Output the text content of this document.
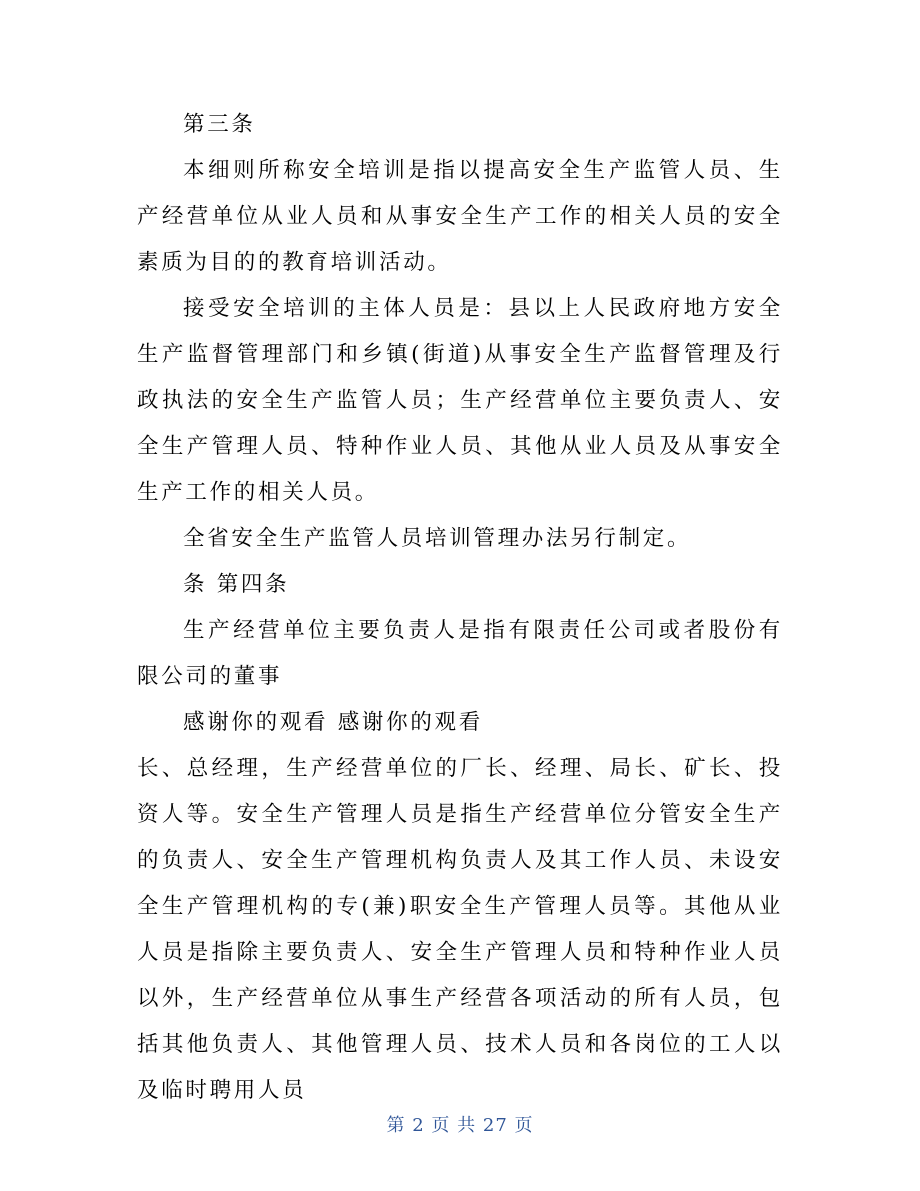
第三条

本细则所称安全培训是指以提高安全生产监管人员、生产经营单位从业人员和从事安全生产工作的相关人员的安全素质为目的的教育培训活动。

接受安全培训的主体人员是：县以上人民政府地方安全生产监督管理部门和乡镇(街道)从事安全生产监督管理及行政执法的安全生产监管人员；生产经营单位主要负责人、安全生产管理人员、特种作业人员、其他从业人员及从事安全生产工作的相关人员。

全省安全生产监管人员培训管理办法另行制定。

条 第四条

生产经营单位主要负责人是指有限责任公司或者股份有限公司的董事

感谢你的观看 感谢你的观看

长、总经理，生产经营单位的厂长、经理、局长、矿长、投资人等。安全生产管理人员是指生产经营单位分管安全生产的负责人、安全生产管理机构负责人及其工作人员、未设安全生产管理机构的专(兼)职安全生产管理人员等。其他从业人员是指除主要负责人、安全生产管理人员和特种作业人员以外，生产经营单位从事生产经营各项活动的所有人员，包括其他负责人、其他管理人员、技术人员和各岗位的工人以及临时聘用人员

第 2 页 共 27 页
